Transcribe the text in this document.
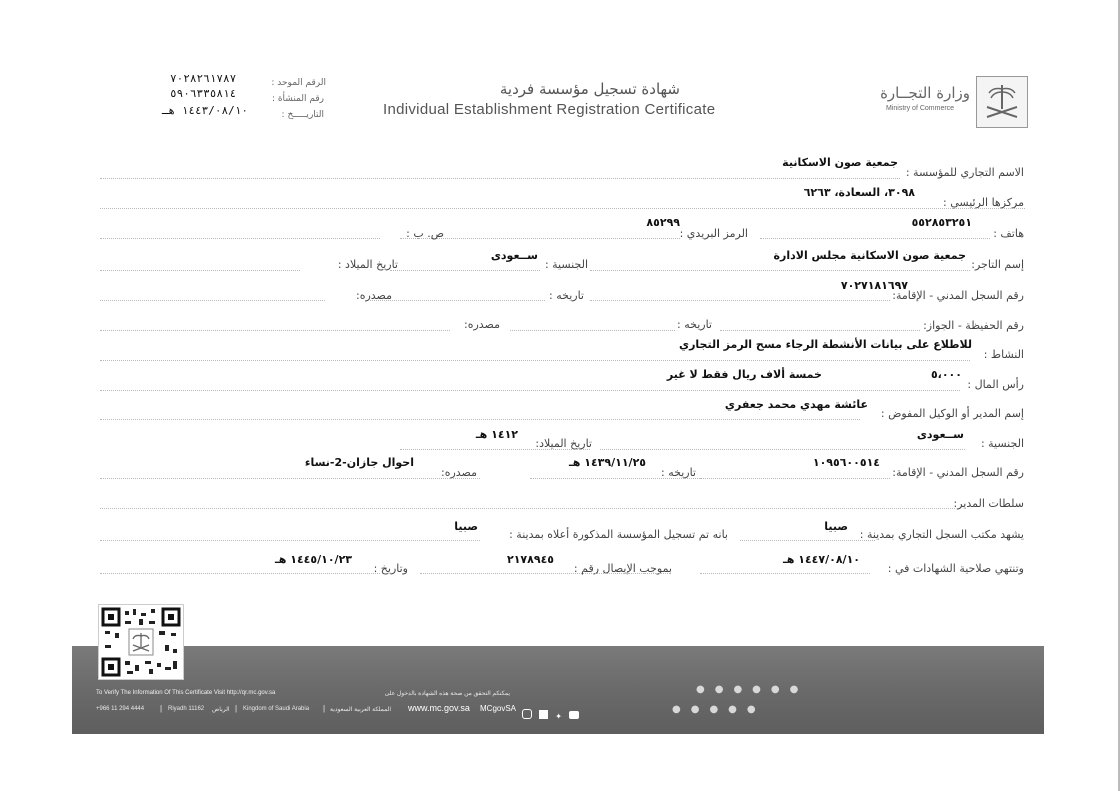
وزارة التجــارة
Ministry of Commerce
شهادة تسجيل مؤسسة فردية
Individual Establishment Registration Certificate
الرقم الموحد :
٧٠٢٨٢٦١٧٨٧
رقم المنشأة :
٥٩٠٦٣٣٥٨١٤
التاريـــــخ :
١٤٤٣/٠٨/١٠ هـ
الاسم التجاري للمؤسسة :
جمعية صون الاسكانية
مركزها الرئيسي :
٣٠٩٨، السعادة، ٦٢٦٣
هاتف :
٥٥٢٨٥٣٢٥١
الرمز البريدي :
٨٥٢٩٩
ص. ب :
إسم التاجر:
جمعية صون الاسكانية مجلس الادارة
الجنسية :
ســعودى
تاريخ الميلاد :
رقم السجل المدني - الإقامة:
٧٠٢٧١٨١٦٩٧
تاريخه :
مصدره:
رقم الحفيظة - الجواز:
تاريخه :
مصدره:
النشاط :
للاطلاع على بيانات الأنشطة الرجاء مسح الرمز التجاري
رأس المال :
٥،٠٠٠
خمسة ألاف ريال فقط لا غير
إسم المدير أو الوكيل المفوض :
عائشة مهدي محمد جعفري
الجنسية :
ســعودى
تاريخ الميلاد:
١٤١٢ هـ
رقم السجل المدني - الإقامة:
١٠٩٥٦٠٠٥١٤
تاريخه :
١٤٣٩/١١/٢٥ هـ
مصدره:
احوال جازان-2-نساء
سلطات المدير:
يشهد مكتب السجل التجاري بمدينة :
صبيا
بانه تم تسجيل المؤسسة المذكورة أعلاه بمدينة :
صبيا
وتنتهي صلاحية الشهادات في :
١٤٤٧/٠٨/١٠ هـ
بموجب الإيصال رقم :
٢١٧٨٩٤٥
وتاريخ :
١٤٤٥/١٠/٢٣ هـ
●●●●●●
●●●●●
To Verify The Information Of This Certificate Visit http://qr.mc.gov.sa	يمكنكم التحقق من صحة هذه الشهادة بالدخول على
+966 11 294 4444 | Riyadh 11162 الرياض | Kingdom of Saudi Arabia | المملكة العربية السعودية www.mc.gov.sa MCgovSA
✦
